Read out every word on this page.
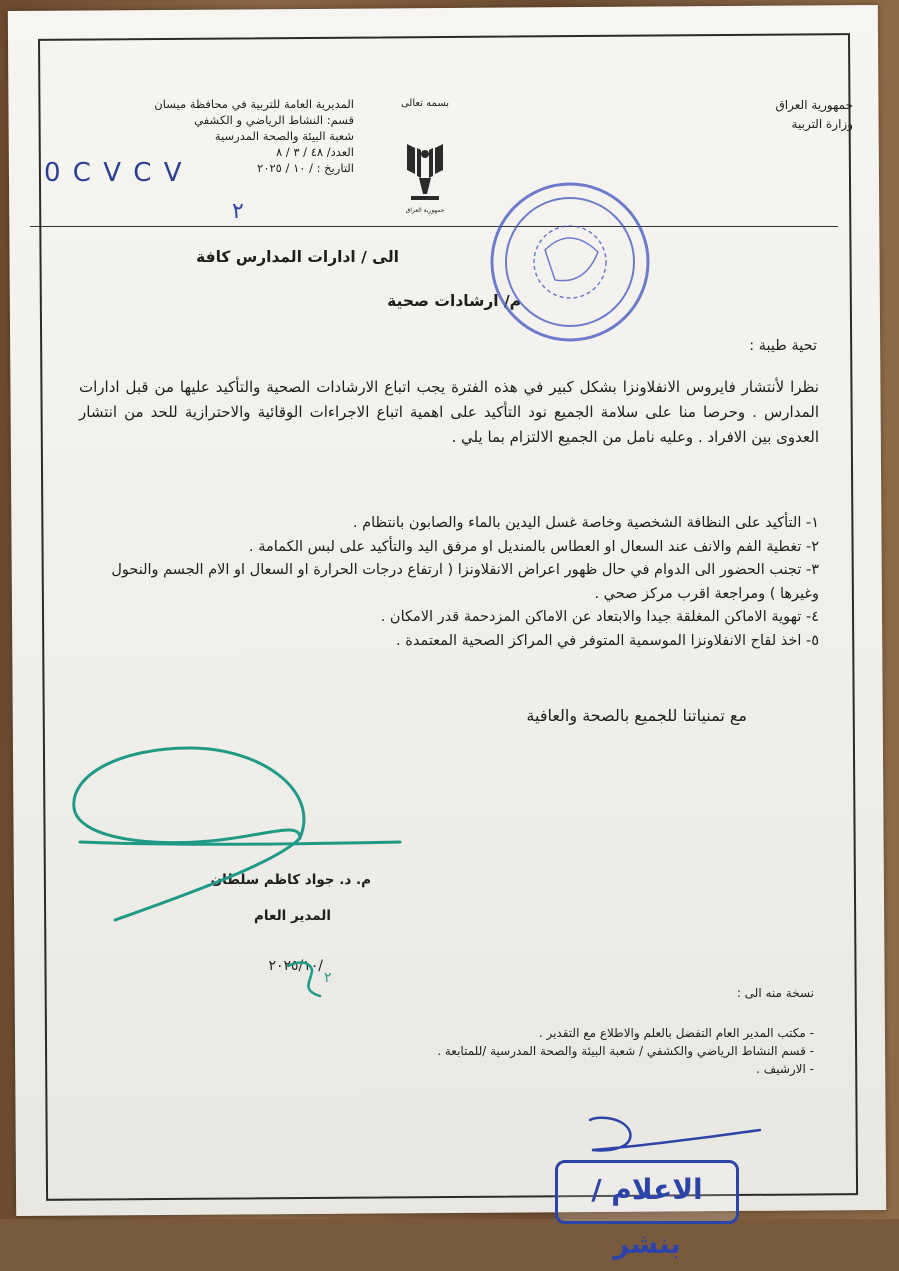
جمهورية العراق
وزارة التربية
بسمه تعالى
جمهورية العراق
المديرية العامة للتربية في محافظة ميسان
قسم: النشاط الرياضي و الكشفي
شعبة البيئة والصحة المدرسية
العدد/ ٤٨ / ٣ / ٨
التاريخ : / ١٠ / ٢٠٢٥
0 C V C V
الى / ادارات المدارس كافة
م/ ارشادات صحية
تحية طيبة :
نظرا لأنتشار فايروس الانفلاونزا بشكل كبير في هذه الفترة يجب اتباع الارشادات الصحية والتأكيد عليها من قبل ادارات المدارس . وحرصا منا على سلامة الجميع نود التأكيد على اهمية اتباع الاجراءات الوقائية والاحترازية للحد من انتشار العدوى بين الافراد . وعليه نامل من الجميع الالتزام بما يلي .
١- التأكيد على النظافة الشخصية وخاصة غسل اليدين بالماء والصابون بانتظام .
٢- تغطية الفم والانف عند السعال او العطاس بالمنديل او مرفق اليد والتأكيد على لبس الكمامة .
٣- تجنب الحضور الى الدوام في حال ظهور اعراض الانفلاونزا ( ارتفاع درجات الحرارة او السعال او الام الجسم والنحول وغيرها ) ومراجعة اقرب مركز صحي .
٤- تهوية الاماكن المغلقة جيدا والابتعاد عن الاماكن المزدحمة قدر الامكان .
٥- اخذ لقاح الانفلاونزا الموسمية المتوفر في المراكز الصحية المعتمدة .
مع تمنياتنا للجميع بالصحة والعافية
م. د. جواد كاظم سلطان
المدير العام
٢٠٢٥/١٠/
نسخة منه الى :
- مكتب المدير العام التفضل بالعلم والاطلاع مع التقدير .
- قسم النشاط الرياضي والكشفي / شعبة البيئة والصحة المدرسية /للمتابعة .
- الارشيف .
٢
٢
الاعلام / بنشر
